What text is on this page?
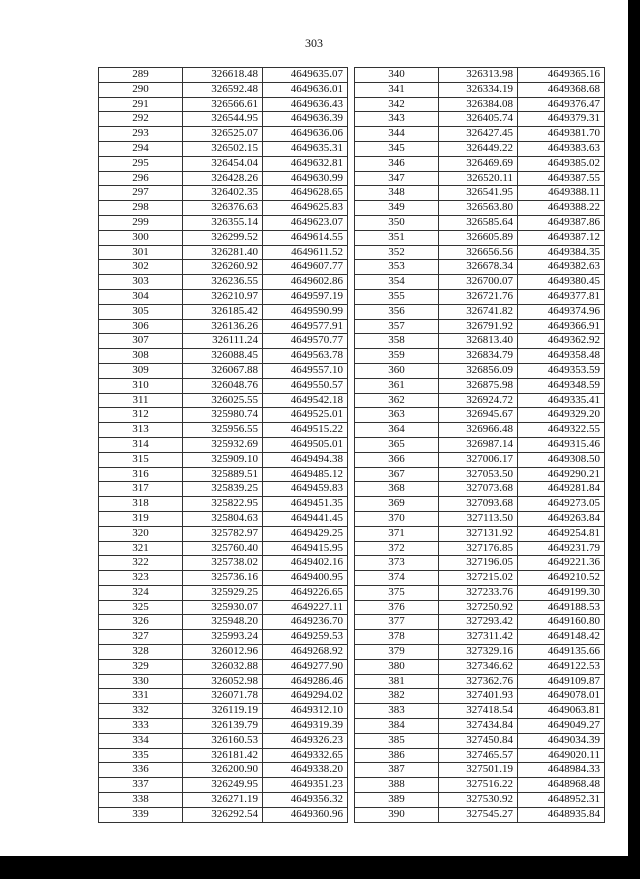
303
289	326618.48	4649635.07
290	326592.48	4649636.01
291	326566.61	4649636.43
292	326544.95	4649636.39
293	326525.07	4649636.06
294	326502.15	4649635.31
295	326454.04	4649632.81
296	326428.26	4649630.99
297	326402.35	4649628.65
298	326376.63	4649625.83
299	326355.14	4649623.07
300	326299.52	4649614.55
301	326281.40	4649611.52
302	326260.92	4649607.77
303	326236.55	4649602.86
304	326210.97	4649597.19
305	326185.42	4649590.99
306	326136.26	4649577.91
307	326111.24	4649570.77
308	326088.45	4649563.78
309	326067.88	4649557.10
310	326048.76	4649550.57
311	326025.55	4649542.18
312	325980.74	4649525.01
313	325956.55	4649515.22
314	325932.69	4649505.01
315	325909.10	4649494.38
316	325889.51	4649485.12
317	325839.25	4649459.83
318	325822.95	4649451.35
319	325804.63	4649441.45
320	325782.97	4649429.25
321	325760.40	4649415.95
322	325738.02	4649402.16
323	325736.16	4649400.95
324	325929.25	4649226.65
325	325930.07	4649227.11
326	325948.20	4649236.70
327	325993.24	4649259.53
328	326012.96	4649268.92
329	326032.88	4649277.90
330	326052.98	4649286.46
331	326071.78	4649294.02
332	326119.19	4649312.10
333	326139.79	4649319.39
334	326160.53	4649326.23
335	326181.42	4649332.65
336	326200.90	4649338.20
337	326249.95	4649351.23
338	326271.19	4649356.32
339	326292.54	4649360.96
340	326313.98	4649365.16
341	326334.19	4649368.68
342	326384.08	4649376.47
343	326405.74	4649379.31
344	326427.45	4649381.70
345	326449.22	4649383.63
346	326469.69	4649385.02
347	326520.11	4649387.55
348	326541.95	4649388.11
349	326563.80	4649388.22
350	326585.64	4649387.86
351	326605.89	4649387.12
352	326656.56	4649384.35
353	326678.34	4649382.63
354	326700.07	4649380.45
355	326721.76	4649377.81
356	326741.82	4649374.96
357	326791.92	4649366.91
358	326813.40	4649362.92
359	326834.79	4649358.48
360	326856.09	4649353.59
361	326875.98	4649348.59
362	326924.72	4649335.41
363	326945.67	4649329.20
364	326966.48	4649322.55
365	326987.14	4649315.46
366	327006.17	4649308.50
367	327053.50	4649290.21
368	327073.68	4649281.84
369	327093.68	4649273.05
370	327113.50	4649263.84
371	327131.92	4649254.81
372	327176.85	4649231.79
373	327196.05	4649221.36
374	327215.02	4649210.52
375	327233.76	4649199.30
376	327250.92	4649188.53
377	327293.42	4649160.80
378	327311.42	4649148.42
379	327329.16	4649135.66
380	327346.62	4649122.53
381	327362.76	4649109.87
382	327401.93	4649078.01
383	327418.54	4649063.81
384	327434.84	4649049.27
385	327450.84	4649034.39
386	327465.57	4649020.11
387	327501.19	4648984.33
388	327516.22	4648968.48
389	327530.92	4648952.31
390	327545.27	4648935.84
